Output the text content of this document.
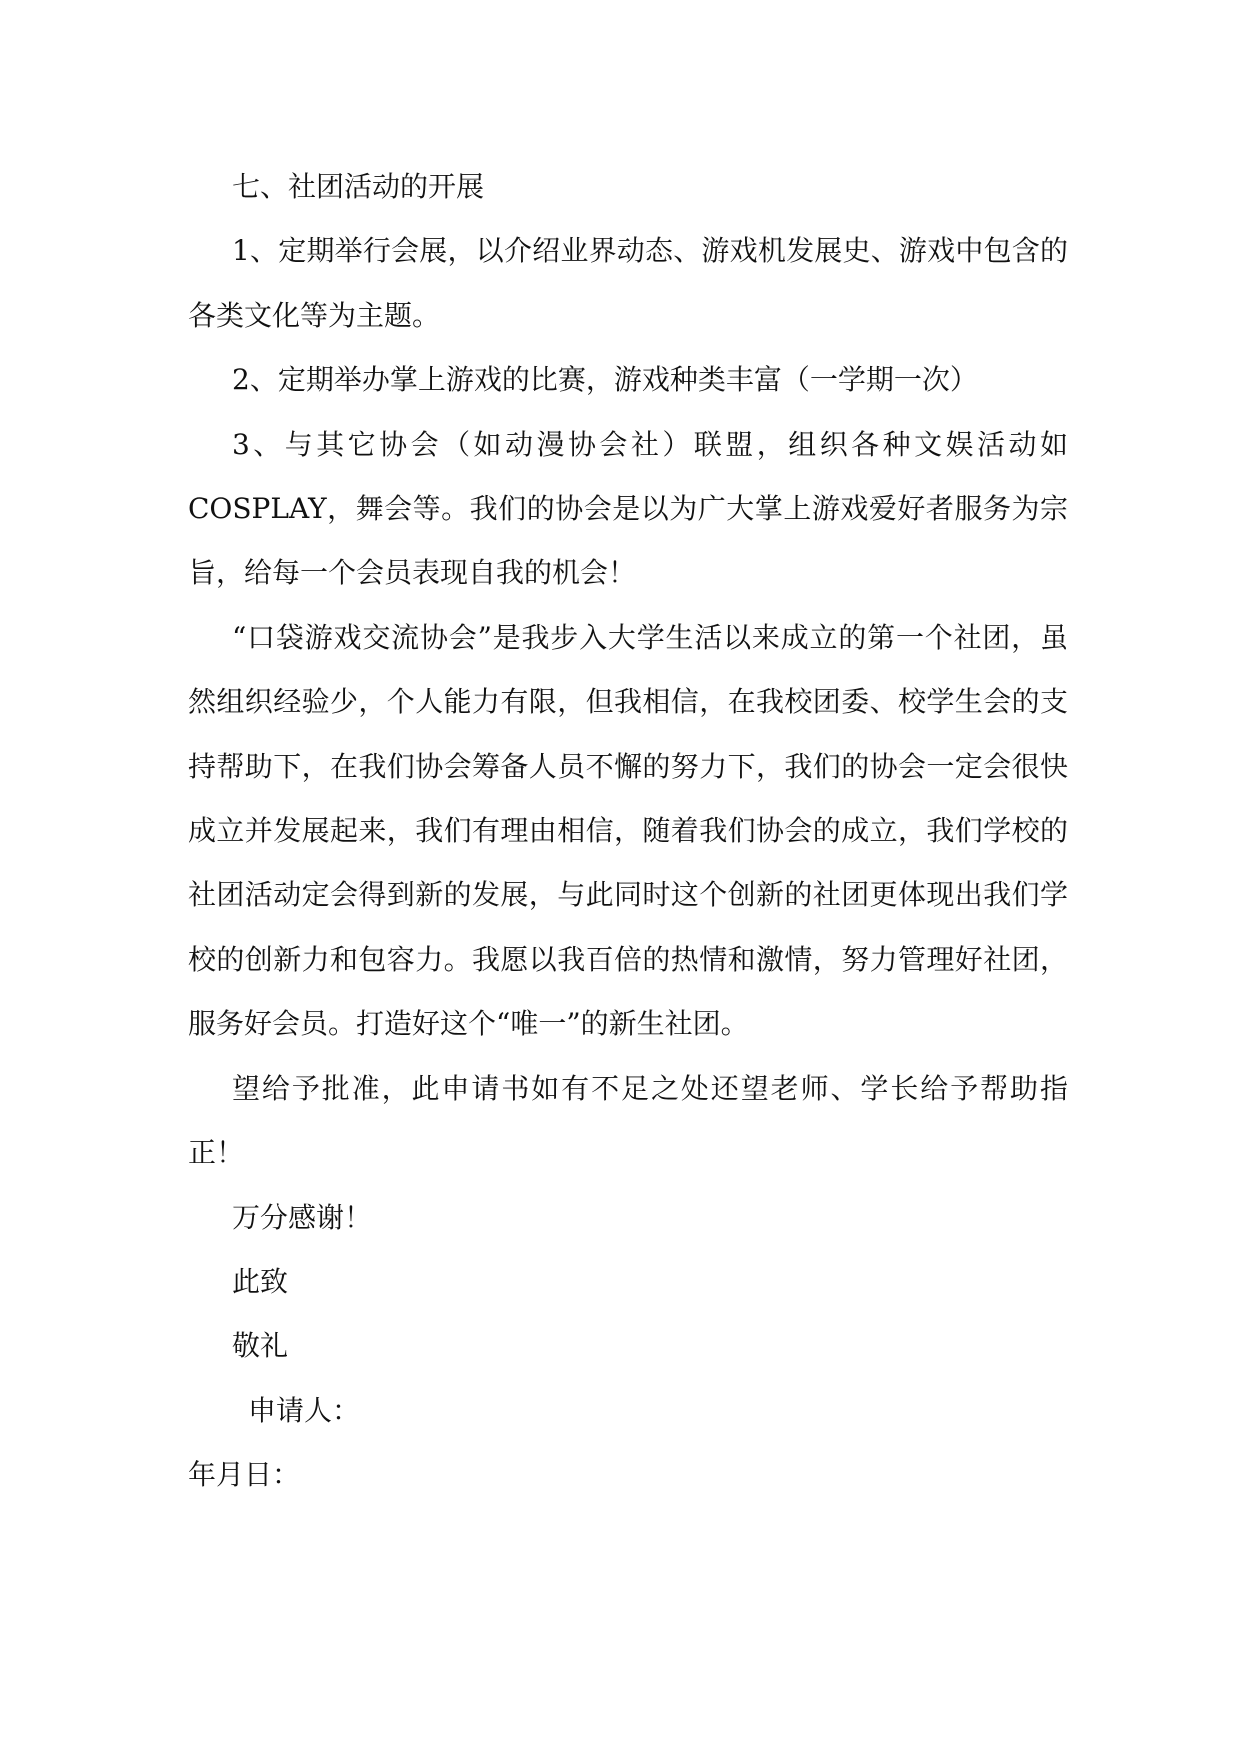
七、社团活动的开展

1、定期举行会展，以介绍业界动态、游戏机发展史、游戏中包含的各类文化等为主题。

2、定期举办掌上游戏的比赛，游戏种类丰富（一学期一次）

3、与其它协会（如动漫协会社）联盟，组织各种文娱活动如COSPLAY，舞会等。我们的协会是以为广大掌上游戏爱好者服务为宗旨，给每一个会员表现自我的机会！

“口袋游戏交流协会”是我步入大学生活以来成立的第一个社团，虽然组织经验少，个人能力有限，但我相信，在我校团委、校学生会的支持帮助下，在我们协会筹备人员不懈的努力下，我们的协会一定会很快成立并发展起来，我们有理由相信，随着我们协会的成立，我们学校的社团活动定会得到新的发展，与此同时这个创新的社团更体现出我们学校的创新力和包容力。我愿以我百倍的热情和激情，努力管理好社团，服务好会员。打造好这个“唯一”的新生社团。

望给予批准，此申请书如有不足之处还望老师、学长给予帮助指正！

万分感谢！

此致

敬礼

申请人：

年月日：
